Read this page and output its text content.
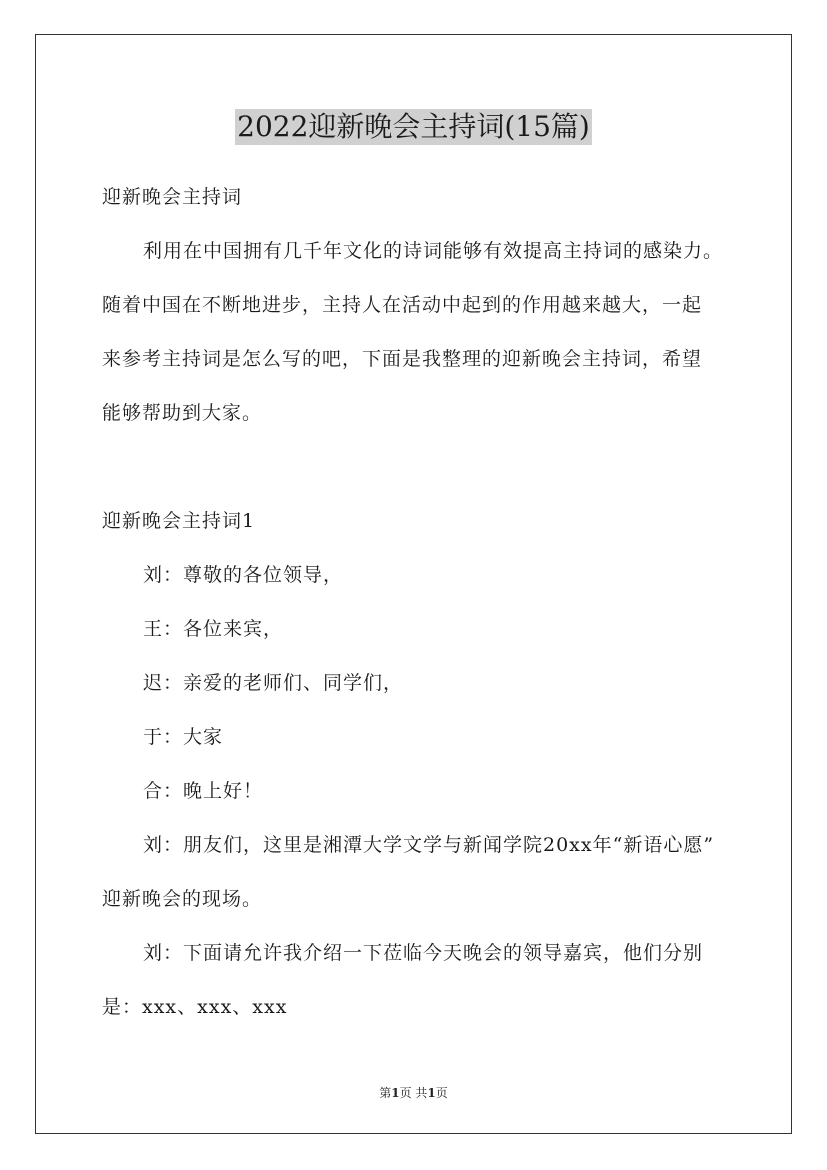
2022迎新晚会主持词(15篇)
迎新晚会主持词
利用在中国拥有几千年文化的诗词能够有效提高主持词的感染力。
随着中国在不断地进步，主持人在活动中起到的作用越来越大，一起
来参考主持词是怎么写的吧，下面是我整理的迎新晚会主持词，希望
能够帮助到大家。
迎新晚会主持词1
刘：尊敬的各位领导，
王：各位来宾，
迟：亲爱的老师们、同学们，
于：大家
合：晚上好！
刘：朋友们，这里是湘潭大学文学与新闻学院20xx年“新语心愿”
迎新晚会的现场。
刘：下面请允许我介绍一下莅临今天晚会的领导嘉宾，他们分别
是：xxx、xxx、xxx
第1页 共1页
